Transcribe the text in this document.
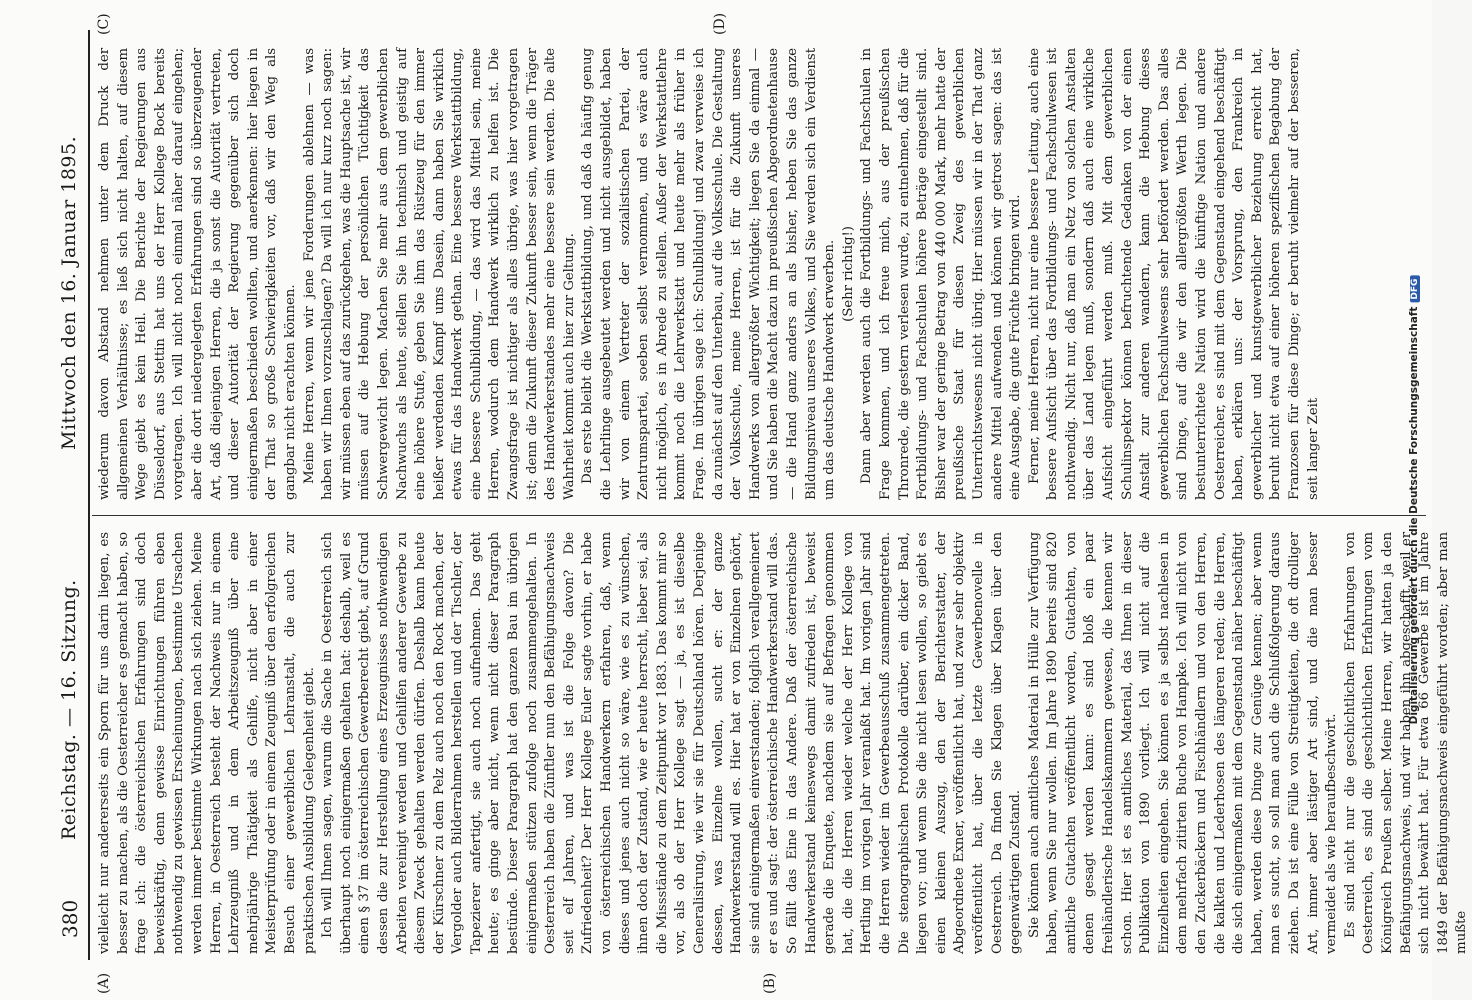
380
Reichstag. — 16. Sitzung.
Mittwoch den 16. Januar 1895.
(A)	(B)
(C)	(D)

vielleicht nur andererseits ein Sporn für uns darin liegen, es besser zu machen, als die Oesterreicher es gemacht haben, so frage ich: die österreichischen Erfahrungen sind doch beweiskräftig, denn gewisse Einrichtungen führen eben nothwendig zu gewissen Erscheinungen, bestimmte Ursachen werden immer bestimmte Wirkungen nach sich ziehen. Meine Herren, in Oesterreich besteht der Nachweis nur in einem Lehrzeugniß und in dem Arbeitszeugniß über eine mehrjährige Thätigkeit als Gehilfe, nicht aber in einer Meisterprüfung oder in einem Zeugniß über den erfolgreichen Besuch einer gewerblichen Lehranstalt, die auch zur praktischen Ausbildung Gelegenheit giebt. Ich will Ihnen sagen, warum die Sache in Oesterreich sich überhaupt noch einigermaßen gehalten hat: deshalb, weil es einen § 37 im österreichischen Gewerberecht giebt, auf Grund dessen die zur Herstellung eines Erzeugnisses nothwendigen Arbeiten vereinigt werden und Gehilfen anderer Gewerbe zu diesem Zweck gehalten werden dürfen. Deshalb kann heute der Kürschner zu dem Pelz auch noch den Rock machen, der Vergolder auch Bilderrahmen herstellen und der Tischler, der Tapezierer anfertigt, sie auch noch aufnehmen. Das geht heute; es ginge aber nicht, wenn nicht dieser Paragraph bestünde. Dieser Paragraph hat den ganzen Bau im übrigen einigermaßen stützen zufolge noch zusammengehalten. In Oesterreich haben die Zünftler nun den Befähigungsnachweis seit elf Jahren, und was ist die Folge davon? Die Zufriedenheit? Der Herr Kollege Euler sagte vorhin, er habe von österreichischen Handwerkern erfahren, daß, wenn dieses und jenes auch nicht so wäre, wie es zu wünschen, ihnen doch der Zustand, wie er heute herrscht, lieber sei, als die Missstände zu dem Zeitpunkt vor 1883. Das kommt mir so vor, als ob der Herr Kollege sagt — ja, es ist dieselbe Generalisirung, wie wir sie für Deutschland hören. Derjenige dessen, was Einzelne wollen, sucht er: der ganze Handwerkerstand will es. Hier hat er von Einzelnen gehört, sie sind einigermaßen einverstanden; folglich verallgemeinert er es und sagt: der österreichische Handwerkerstand will das. So fällt das Eine in das Andere. Daß der österreichische Handwerkerstand keineswegs damit zufrieden ist, beweist gerade die Enquete, nachdem sie auf Befragen genommen hat, die die Herren wieder welche der Herr Kollege von Hertling im vorigen Jahr veranlaßt hat. Im vorigen Jahr sind die Herren wieder im Gewerbeausschuß zusammengetreten. Die stenographischen Protokolle darüber, ein dicker Band, liegen vor; und wenn Sie die nicht lesen wollen, so giebt es einen kleinen Auszug, den der Berichterstatter, der Abgeordnete Exner, veröffentlicht hat, und zwar sehr objektiv veröffentlicht hat, über die letzte Gewerbenovelle in Oesterreich. Da finden Sie Klagen über Klagen über den gegenwärtigen Zustand. Sie können auch amtliches Material in Hülle zur Verfügung haben, wenn Sie nur wollen. Im Jahre 1890 bereits sind 820 amtliche Gutachten veröffentlicht worden, Gutachten, von denen gesagt werden kann: es sind bloß ein paar freihändlerische Handelskammern gewesen, die kennen wir schon. Hier ist es amtliches Material, das Ihnen in dieser Publikation von 1890 vorliegt. Ich will nicht auf die Einzelheiten eingehen. Sie können es ja selbst nachlesen in dem mehrfach zitirten Buche von Hampke. Ich will nicht von den Zuckerbäckern und Fischhändlern und von den Herren, die kalkten und Lederhosen des längeren reden; die Herren, die sich einigermaßen mit dem Gegenstand näher beschäftigt haben, werden diese Dinge zur Genüge kennen; aber wenn man es sucht, so soll man auch die Schlußfolgerung daraus ziehen. Da ist eine Fülle von Streitigkeiten, die oft drolliger Art, immer aber lästiger Art sind, und die man besser vermeidet als wie heraufbeschwört. Es sind nicht nur die geschichtlichen Erfahrungen von Oesterreich, es sind die geschichtlichen Erfahrungen vom Königreich Preußen selber. Meine Herren, wir hatten ja den Befähigungsnachweis, und wir haben ihn abgeschafft, weil er sich nicht bewährt hat. Für etwa 66 Gewerbe ist im Jahre 1849 der Befähigungsnachweis eingeführt worden; aber man mußte

wiederum davon Abstand nehmen unter dem Druck der allgemeinen Verhältnisse; es ließ sich nicht halten, auf diesem Wege giebt es kein Heil. Die Berichte der Regierungen aus Düsseldorf, aus Stettin hat uns der Herr Kollege Bock bereits vorgetragen. Ich will nicht noch einmal näher darauf eingehen; aber die dort niedergelegten Erfahrungen sind so überzeugender Art, daß diejenigen Herren, die ja sonst die Autorität vertreten, und dieser Autorität der Regierung gegenüber sich doch einigermaßen beschieden wollten, und anerkennen: hier liegen in der That so große Schwierigkeiten vor, daß wir den Weg als gangbar nicht erachten können. Meine Herren, wenn wir jene Forderungen ablehnen — was haben wir Ihnen vorzuschlagen? Da will ich nur kurz noch sagen: wir müssen eben auf das zurückgehen, was die Hauptsache ist, wir müssen auf die Hebung der persönlichen Tüchtigkeit das Schwergewicht legen. Machen Sie mehr aus dem gewerblichen Nachwuchs als heute, stellen Sie ihn technisch und geistig auf eine höhere Stufe, geben Sie ihm das Rüstzeug für den immer heißer werdenden Kampf ums Dasein, dann haben Sie wirklich etwas für das Handwerk gethan. Eine bessere Werkstattbildung, eine bessere Schulbildung, — das wird das Mittel sein, meine Herren, wodurch dem Handwerk wirklich zu helfen ist. Die Zwangsfrage ist nichtiger als alles übrige, was hier vorgetragen ist; denn die Zukunft dieser Zukunft besser sein, wenn die Träger des Handwerkerstandes mehr eine bessere sein werden. Die alte Wahrheit kommt auch hier zur Geltung. Das erste bleibt die Werkstattbildung, und daß da häufig genug die Lehrlinge ausgebeutet werden und nicht ausgebildet, haben wir von einem Vertreter der sozialistischen Partei, der Zentrumspartei, soeben selbst vernommen, und es wäre auch nicht möglich, es in Abrede zu stellen. Außer der Werkstattlehre kommt noch die Lehrwerkstatt und heute mehr als früher in Frage. Im übrigen sage ich: Schulbildung! und zwar verweise ich da zunächst auf den Unterbau, auf die Volksschule. Die Gestaltung der Volksschule, meine Herren, ist für die Zukunft unseres Handwerks von allergrößter Wichtigkeit; liegen Sie da einmal — und Sie haben die Macht dazu im preußischen Abgeordnetenhause — die Hand ganz anders an als bisher, heben Sie das ganze Bildungsniveau unseres Volkes, und Sie werden sich ein Verdienst um das deutsche Handwerk erwerben. (Sehr richtig!) Dann aber werden auch die Fortbildungs- und Fachschulen in Frage kommen, und ich freue mich, aus der preußischen Thronrede, die gestern verlesen wurde, zu entnehmen, daß für die Fortbildungs- und Fachschulen höhere Beträge eingestellt sind. Bisher war der geringe Betrag von 440 000 Mark, mehr hatte der preußische Staat für diesen Zweig des gewerblichen Unterrichtswesens nicht übrig. Hier müssen wir in der That ganz andere Mittel aufwenden und können wir getrost sagen: das ist eine Ausgabe, die gute Früchte bringen wird. Ferner, meine Herren, nicht nur eine bessere Leitung, auch eine bessere Aufsicht über das Fortbildungs- und Fachschulwesen ist nothwendig. Nicht nur, daß man ein Netz von solchen Anstalten über das Land legen muß, sondern daß auch eine wirkliche Aufsicht eingeführt werden muß. Mit dem gewerblichen Schulinspektor können befruchtende Gedanken von der einen Anstalt zur anderen wandern, kann die Hebung dieses gewerblichen Fachschulwesens sehr befördert werden. Das alles sind Dinge, auf die wir den allergrößten Werth legen. Die bestunterrichtete Nation wird die künftige Nation und andere Oesterreicher, es sind mit dem Gegenstand eingehend beschäftigt haben, erklären uns: der Vorsprung, den Frankreich in gewerblicher und kunstgewerblicher Beziehung erreicht hat, beruht nicht etwa auf einer höheren spezifischen Begabung der Franzosen für diese Dinge; er beruht vielmehr auf der besseren, seit langer Zeit	Digitalisierung gefördert durch die Deutsche ForschungsgemeinschaftDFG
